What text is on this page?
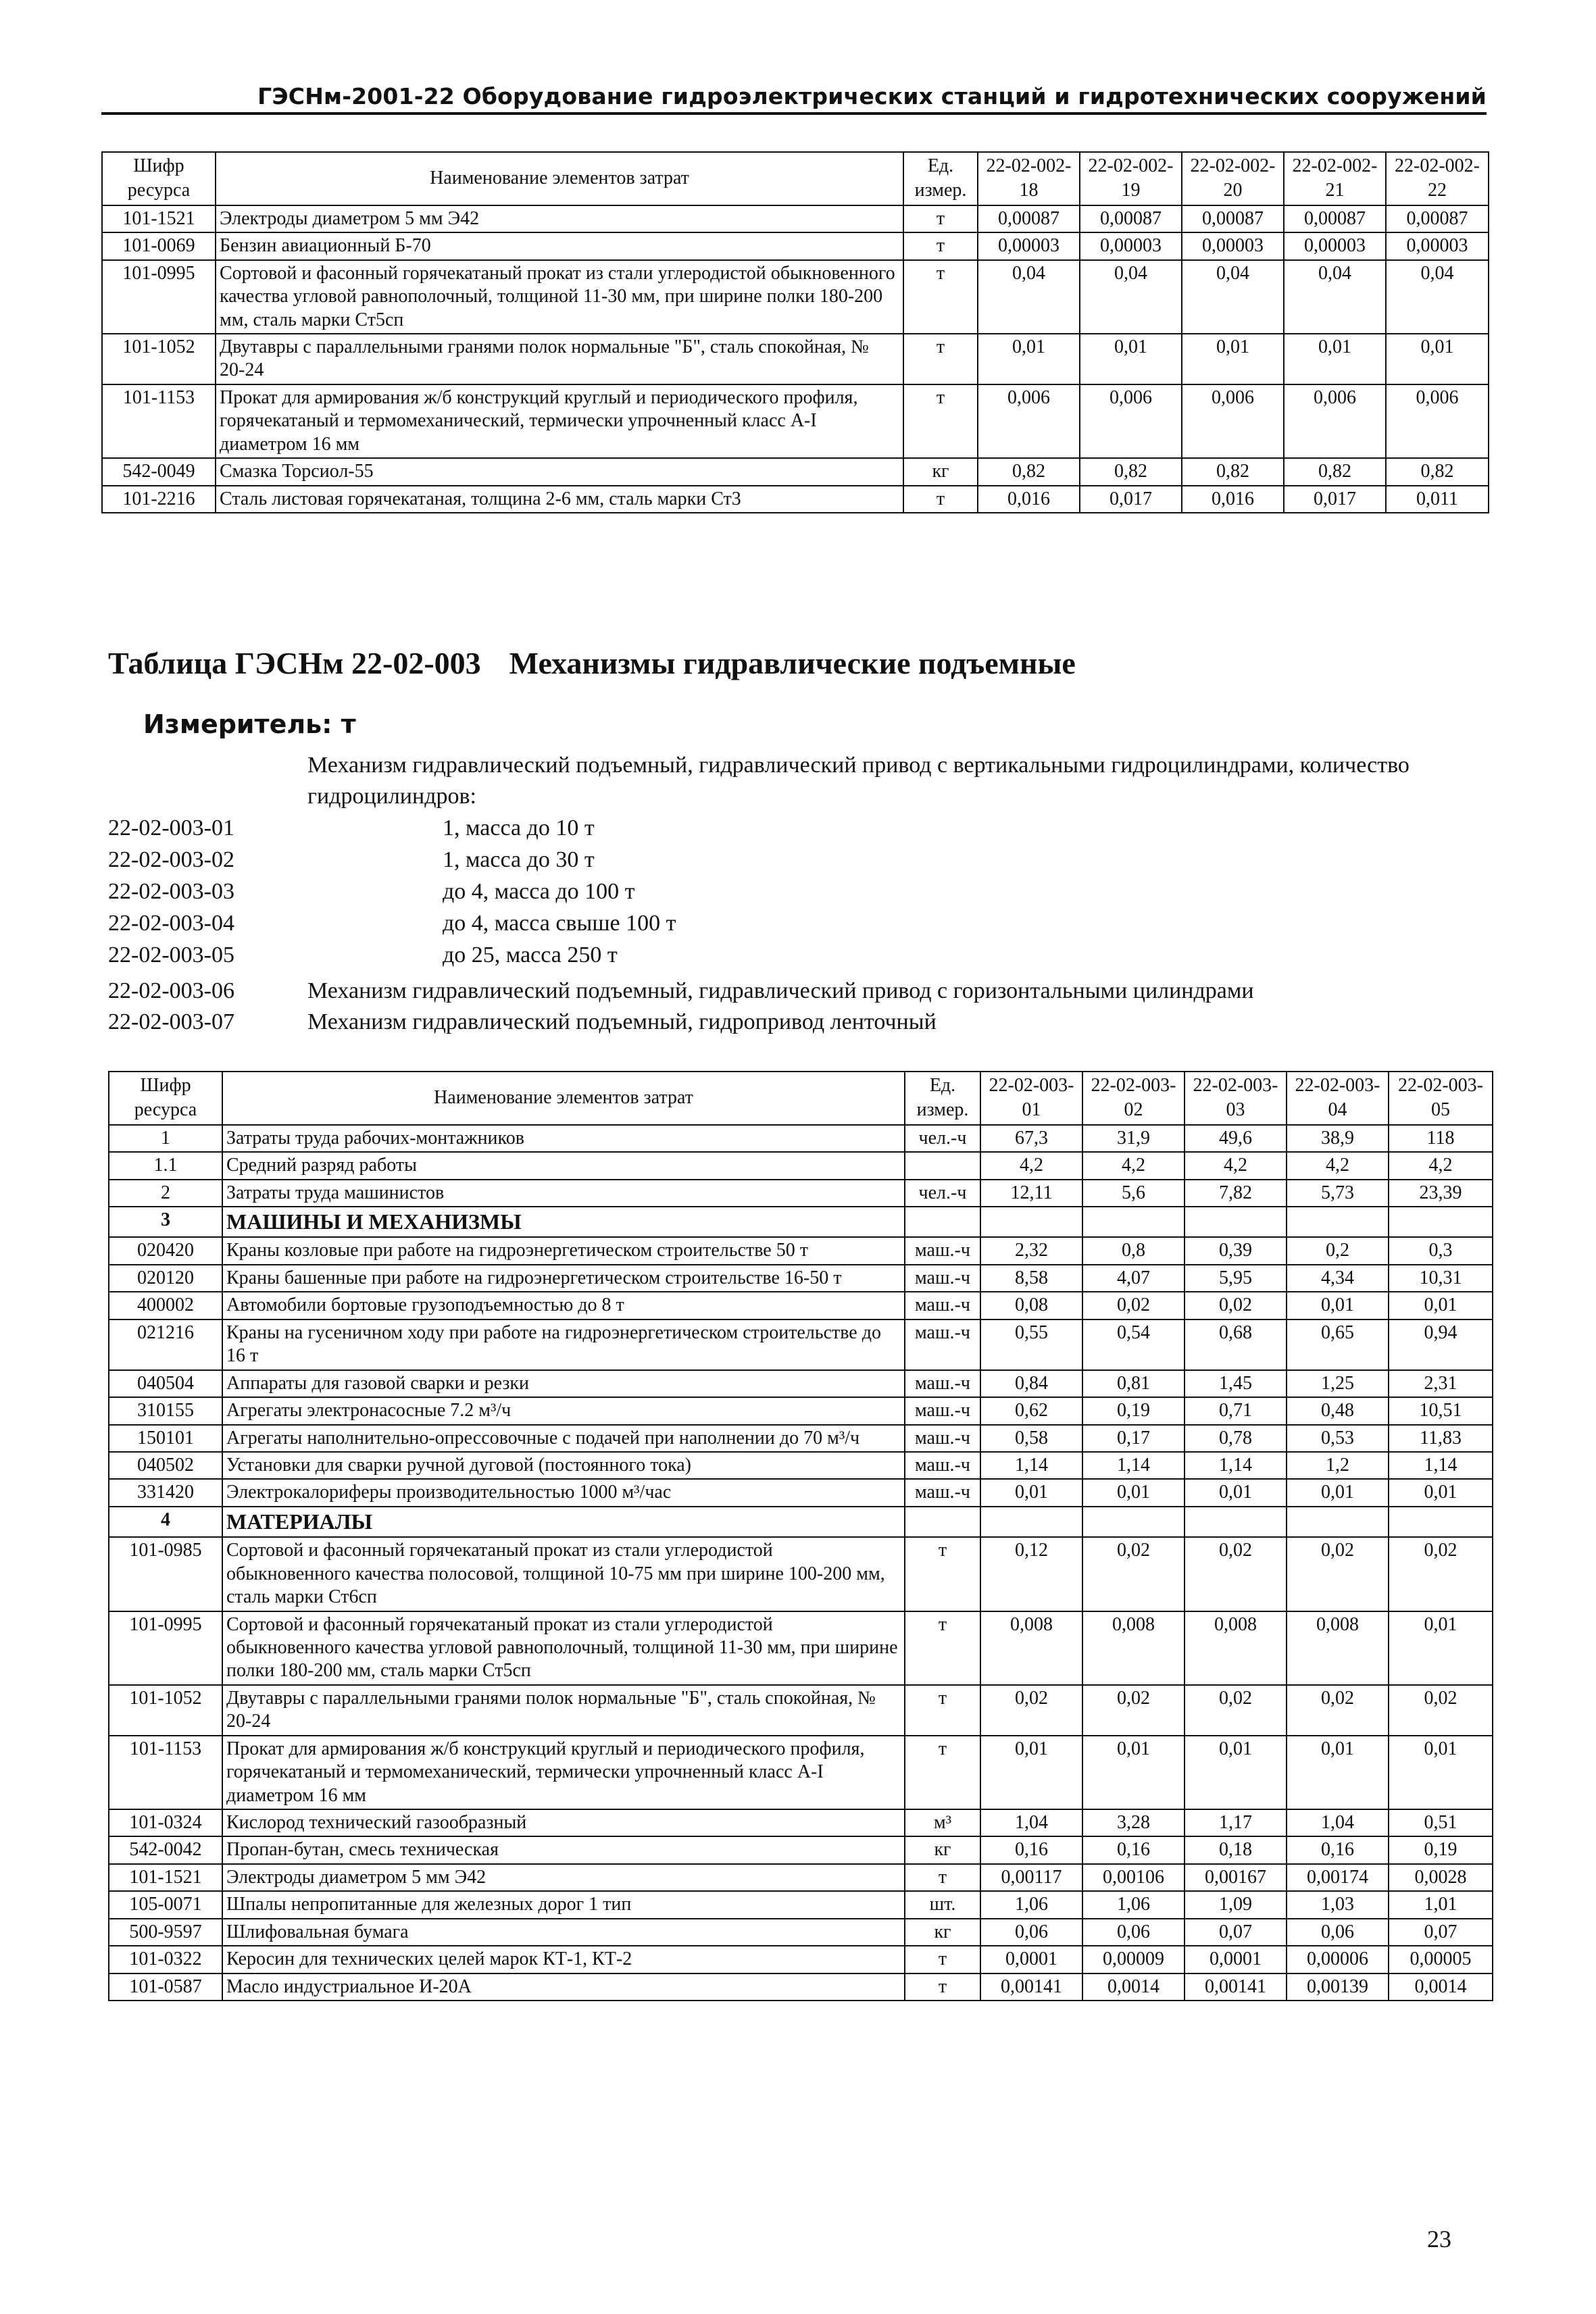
ГЭСНм-2001-22 Оборудование гидроэлектрических станций и гидротехнических сооружений
Шифр ресурса	Наименование элементов затрат	Ед. измер.	22-02-002-18	22-02-002-19	22-02-002-20	22-02-002-21	22-02-002-22
101-1521	Электроды диаметром 5 мм Э42	т	0,00087	0,00087	0,00087	0,00087	0,00087
101-0069	Бензин авиационный Б-70	т	0,00003	0,00003	0,00003	0,00003	0,00003
101-0995	Сортовой и фасонный горячекатаный прокат из стали углеродистой обыкновенного качества угловой равнополочный, толщиной 11-30 мм, при ширине полки 180-200 мм, сталь марки Ст5сп	т	0,04	0,04	0,04	0,04	0,04
101-1052	Двутавры с параллельными гранями полок нормальные "Б", сталь спокойная, № 20-24	т	0,01	0,01	0,01	0,01	0,01
101-1153	Прокат для армирования ж/б конструкций круглый и периодического профиля, горячекатаный и термомеханический, термически упрочненный класс А-I диаметром 16 мм	т	0,006	0,006	0,006	0,006	0,006
542-0049	Смазка Торсиол-55	кг	0,82	0,82	0,82	0,82	0,82
101-2216	Сталь листовая горячекатаная, толщина 2-6 мм, сталь марки Ст3	т	0,016	0,017	0,016	0,017	0,011
Таблица ГЭСНм 22-02-003 Механизмы гидравлические подъемные
Измеритель: т
Механизм гидравлический подъемный, гидравлический привод с вертикальными гидроцилиндрами, количество гидроцилиндров:
22-02-003-01	1, масса до 10 т
22-02-003-02	1, масса до 30 т
22-02-003-03	до 4, масса до 100 т
22-02-003-04	до 4, масса свыше 100 т
22-02-003-05	до 25, масса 250 т
22-02-003-06	Механизм гидравлический подъемный, гидравлический привод с горизонтальными цилиндрами
22-02-003-07	Механизм гидравлический подъемный, гидропривод ленточный
Шифр ресурса	Наименование элементов затрат	Ед. измер.	22-02-003-01	22-02-003-02	22-02-003-03	22-02-003-04	22-02-003-05
1	Затраты труда рабочих-монтажников	чел.-ч	67,3	31,9	49,6	38,9	118
1.1	Средний разряд работы		4,2	4,2	4,2	4,2	4,2
2	Затраты труда машинистов	чел.-ч	12,11	5,6	7,82	5,73	23,39
3	МАШИНЫ И МЕХАНИЗМЫ						
020420	Краны козловые при работе на гидроэнергетическом строительстве 50 т	маш.-ч	2,32	0,8	0,39	0,2	0,3
020120	Краны башенные при работе на гидроэнергетическом строительстве 16-50 т	маш.-ч	8,58	4,07	5,95	4,34	10,31
400002	Автомобили бортовые грузоподъемностью до 8 т	маш.-ч	0,08	0,02	0,02	0,01	0,01
021216	Краны на гусеничном ходу при работе на гидроэнергетическом строительстве до 16 т	маш.-ч	0,55	0,54	0,68	0,65	0,94
040504	Аппараты для газовой сварки и резки	маш.-ч	0,84	0,81	1,45	1,25	2,31
310155	Агрегаты электронасосные 7.2 м³/ч	маш.-ч	0,62	0,19	0,71	0,48	10,51
150101	Агрегаты наполнительно-опрессовочные с подачей при наполнении до 70 м³/ч	маш.-ч	0,58	0,17	0,78	0,53	11,83
040502	Установки для сварки ручной дуговой (постоянного тока)	маш.-ч	1,14	1,14	1,14	1,2	1,14
331420	Электрокалориферы производительностью 1000 м³/час	маш.-ч	0,01	0,01	0,01	0,01	0,01
4	МАТЕРИАЛЫ						
101-0985	Сортовой и фасонный горячекатаный прокат из стали углеродистой обыкновенного качества полосовой, толщиной 10-75 мм при ширине 100-200 мм, сталь марки Ст6сп	т	0,12	0,02	0,02	0,02	0,02
101-0995	Сортовой и фасонный горячекатаный прокат из стали углеродистой обыкновенного качества угловой равнополочный, толщиной 11-30 мм, при ширине полки 180-200 мм, сталь марки Ст5сп	т	0,008	0,008	0,008	0,008	0,01
101-1052	Двутавры с параллельными гранями полок нормальные "Б", сталь спокойная, № 20-24	т	0,02	0,02	0,02	0,02	0,02
101-1153	Прокат для армирования ж/б конструкций круглый и периодического профиля, горячекатаный и термомеханический, термически упрочненный класс А-I диаметром 16 мм	т	0,01	0,01	0,01	0,01	0,01
101-0324	Кислород технический газообразный	м³	1,04	3,28	1,17	1,04	0,51
542-0042	Пропан-бутан, смесь техническая	кг	0,16	0,16	0,18	0,16	0,19
101-1521	Электроды диаметром 5 мм Э42	т	0,00117	0,00106	0,00167	0,00174	0,0028
105-0071	Шпалы непропитанные для железных дорог 1 тип	шт.	1,06	1,06	1,09	1,03	1,01
500-9597	Шлифовальная бумага	кг	0,06	0,06	0,07	0,06	0,07
101-0322	Керосин для технических целей марок КТ-1, КТ-2	т	0,0001	0,00009	0,0001	0,00006	0,00005
101-0587	Масло индустриальное И-20А	т	0,00141	0,0014	0,00141	0,00139	0,0014
23
